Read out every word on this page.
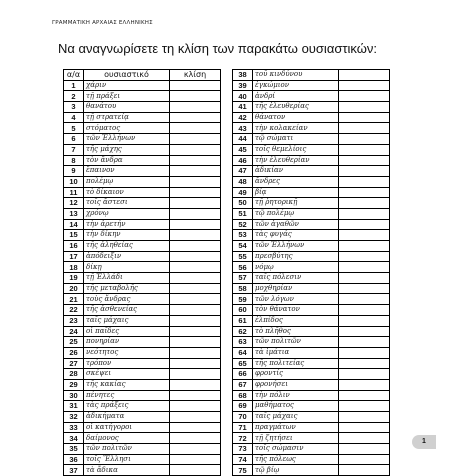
ΓΡΑΜΜΑΤΙΚΗ ΑΡΧΑΙΑΣ ΕΛΛΗΝΙΚΗΣ
Να αναγνωρίσετε τη κλίση των παρακάτω ουσιαστικών:
α/α	ουσιαστικό	κλίση
1	χάριν	
2	τῇ πράξει	
3	θανάτου	
4	τῇ στρατείᾳ	
5	στόματος	
6	τῶν Ἑλλήνων	
7	τῆς μάχης	
8	τὸν ἄνδρα	
9	ἔπαινον	
10	πολέμῳ	
11	τὸ δίκαιον	
12	τοῖς ἄστεσι	
13	χρόνῳ	
14	τὴν ἀρετήν	
15	τὴν δίκην	
16	τῆς ἀληθείας	
17	ἀπόδειξιν	
18	δίκῃ	
19	τῇ Ἑλλάδι	
20	τῆς μεταβολῆς	
21	τοὺς ἄνδρας	
22	τῆς ἀσθενείας	
23	ταῖς μάχαις	
24	οἱ παῖδες	
25	πονηρίαν	
26	νεότητος	
27	τρόπον	
28	σκέψει	
29	τῆς κακίας	
30	πένητες	
31	τὰς πράξεις	
32	ἀδικήματα	
33	οἱ κατήγοροι	
34	δαίμονος	
35	τῶν πολιτῶν	
36	τοῖς Ἕλλησι	
37	τὰ ἄδικα	
38	τοῦ κινδύνου	
39	ἐγκώμιον	
40	ἀνδρί	
41	τῆς ἐλευθερίας	
42	θάνατον	
43	τὴν κολακείαν	
44	τῷ σώματι	
45	τοῖς θεμελίοις	
46	τὴν ἐλευθερίαν	
47	ἀδικίαν	
48	ἄνδρες	
49	βίᾳ	
50	τῇ ῥητορικῇ	
51	τῷ πολέμῳ	
52	τῶν ἀγαθῶν	
53	τὰς φυγάς	
54	τῶν Ἑλλήνων	
55	πρεσβύτης	
56	νόμῳ	
57	ταῖς πόλεσιν	
58	μοχθηρίαν	
59	τῶν λόγων	
60	τὸν θάνατον	
61	ἐλπίδος	
62	τὸ πλῆθος	
63	τῶν πολιτῶν	
64	τὰ ἱμάτια	
65	τῆς πολιτείας	
66	φροντίς	
67	φρονήσει	
68	τὴν πόλιν	
69	μαθήματος	
70	ταῖς μάχαις	
71	πραγμάτων	
72	τῇ ζητήσει	
73	τοῖς σώμασιν	
74	τῆς πόλεως	
75	τῷ βίῳ	
1
